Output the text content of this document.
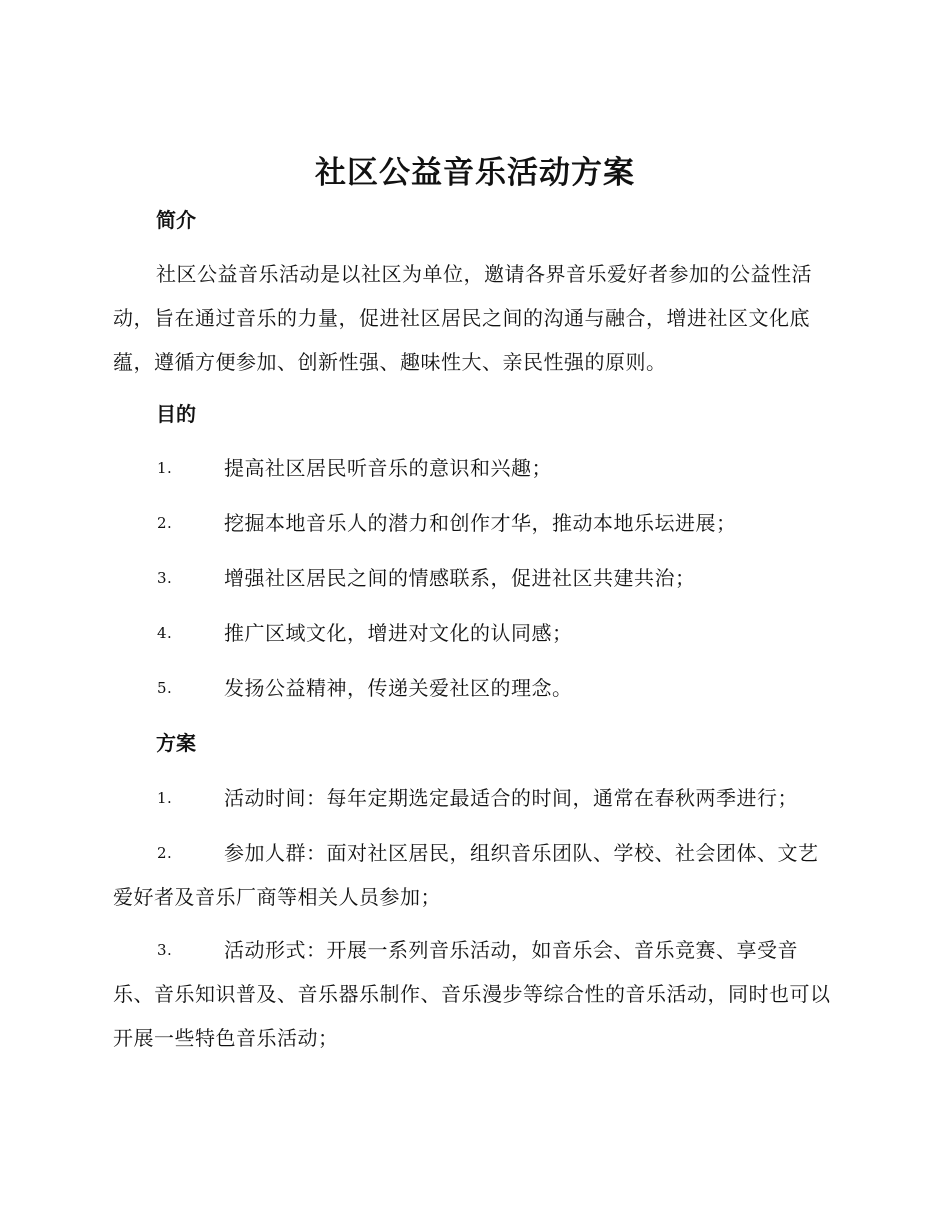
社区公益音乐活动方案
简介

社区公益音乐活动是以社区为单位，邀请各界音乐爱好者参加的公益性活动，旨在通过音乐的力量，促进社区居民之间的沟通与融合，增进社区文化底蕴，遵循方便参加、创新性强、趣味性大、亲民性强的原则。

目的
1.	提高社区居民听音乐的意识和兴趣；
2.	挖掘本地音乐人的潜力和创作才华，推动本地乐坛进展；
3.	增强社区居民之间的情感联系，促进社区共建共治；
4.	推广区域文化，增进对文化的认同感；
5.	发扬公益精神，传递关爱社区的理念。
方案
1.	活动时间：每年定期选定最适合的时间，通常在春秋两季进行；
2.	参加人群：面对社区居民，组织音乐团队、学校、社会团体、文艺爱好者及音乐厂商等相关人员参加；
3.	活动形式：开展一系列音乐活动，如音乐会、音乐竞赛、享受音乐、音乐知识普及、音乐器乐制作、音乐漫步等综合性的音乐活动，同时也可以开展一些特色音乐活动；
